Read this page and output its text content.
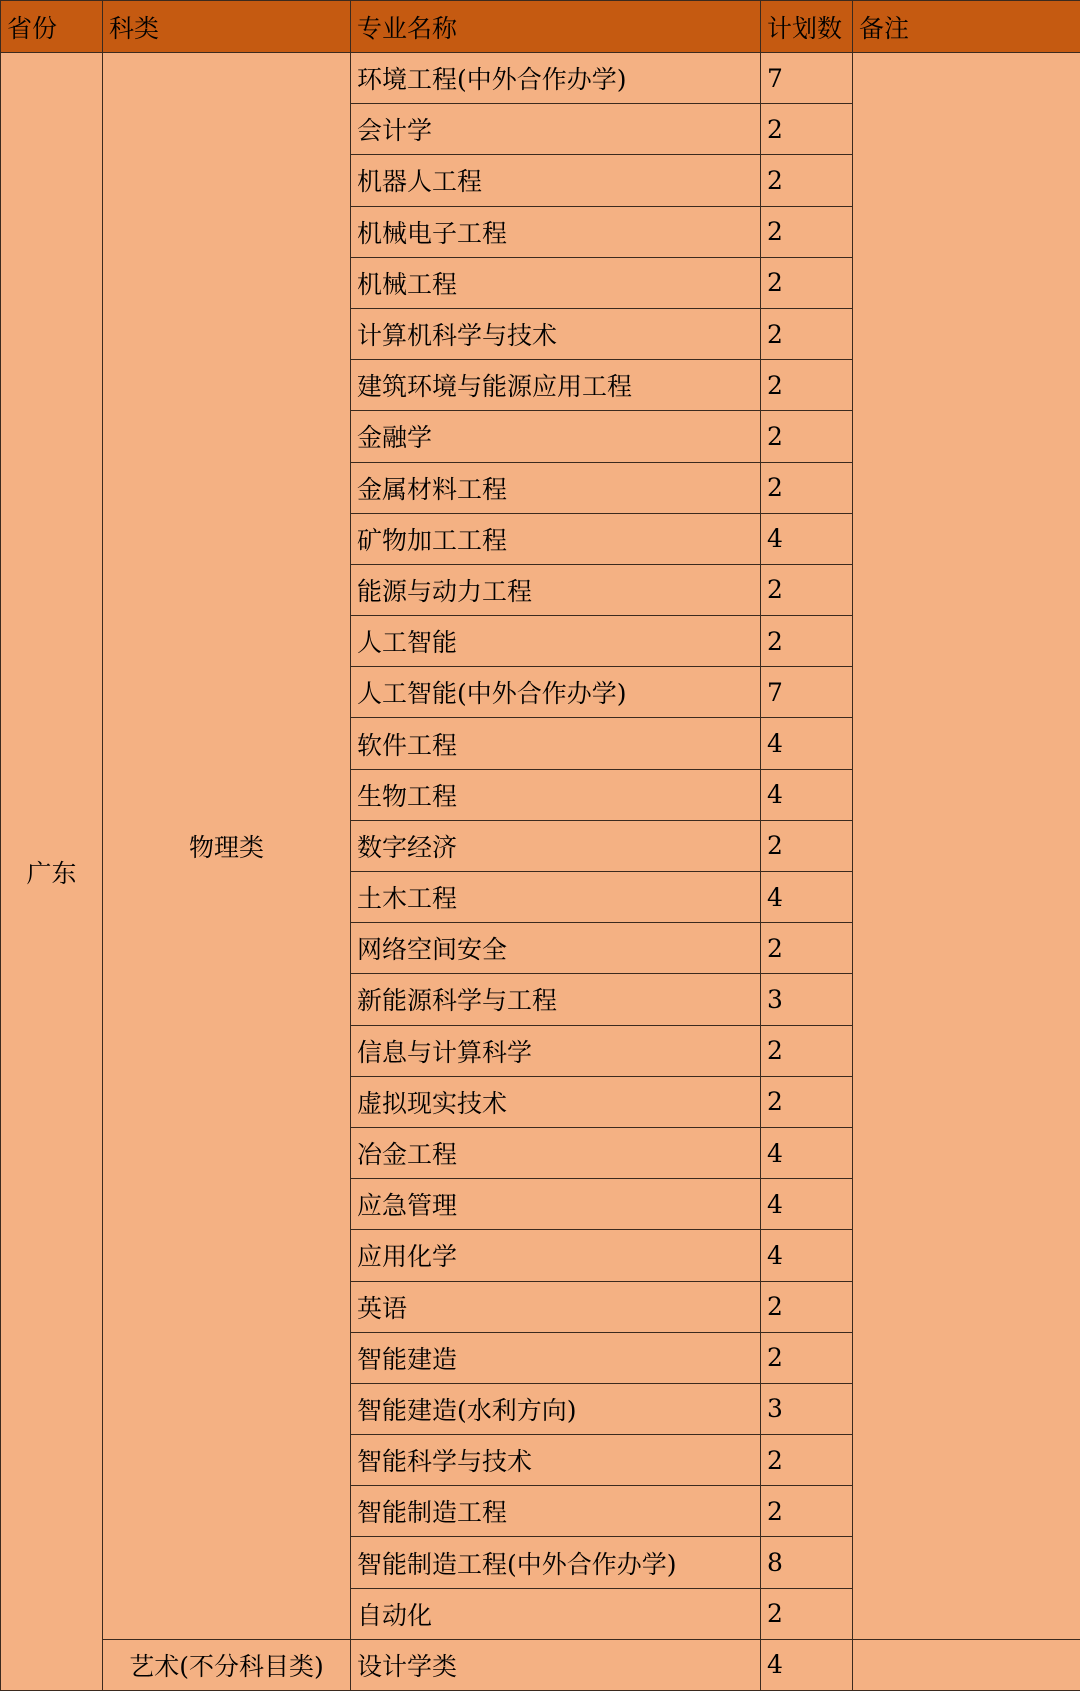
省份	科类	专业名称	计划数	备注
广东	物理类	环境工程(中外合作办学)	7	
		会计学	2	
		机器人工程	2	
		机械电子工程	2	
		机械工程	2	
		计算机科学与技术	2	
		建筑环境与能源应用工程	2	
		金融学	2	
		金属材料工程	2	
		矿物加工工程	4	
		能源与动力工程	2	
		人工智能	2	
		人工智能(中外合作办学)	7	
		软件工程	4	
		生物工程	4	
		数字经济	2	
		土木工程	4	
		网络空间安全	2	
		新能源科学与工程	3	
		信息与计算科学	2	
		虚拟现实技术	2	
		冶金工程	4	
		应急管理	4	
		应用化学	4	
		英语	2	
		智能建造	2	
		智能建造(水利方向)	3	
		智能科学与技术	2	
		智能制造工程	2	
		智能制造工程(中外合作办学)	8	
		自动化	2	
	艺术(不分科目类)	设计学类	4	
